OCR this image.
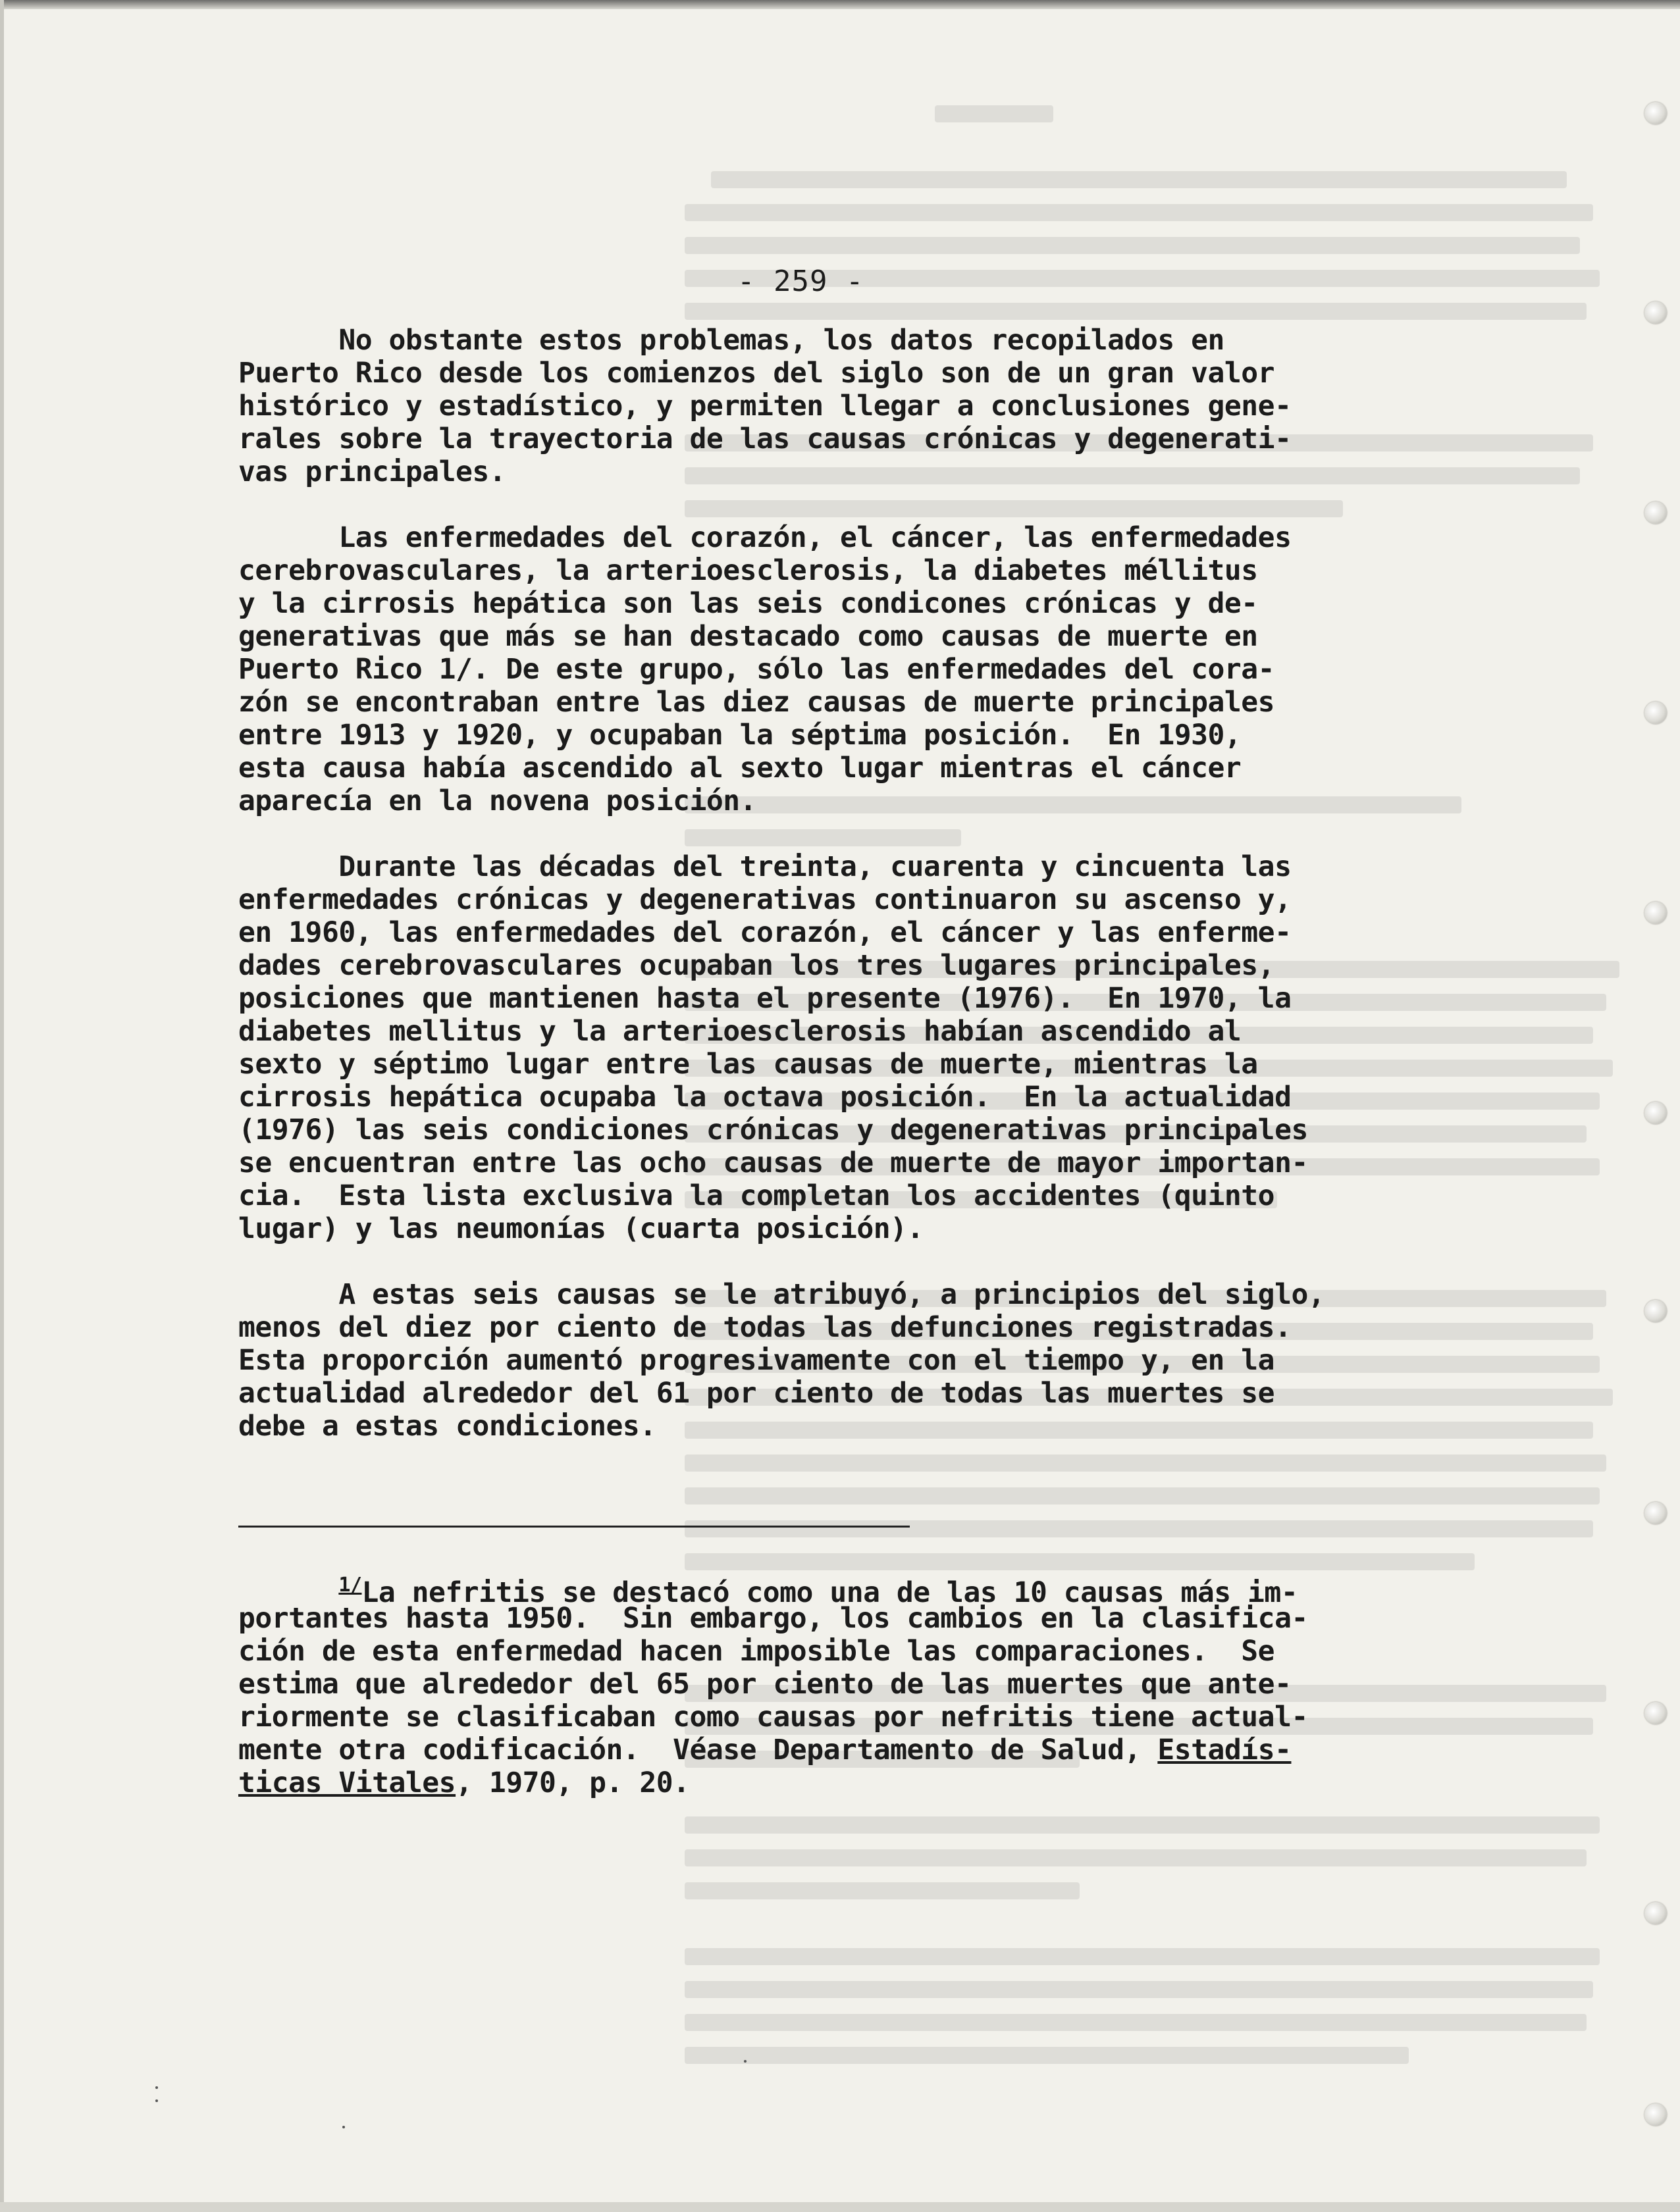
- 259 -
No obstante estos problemas, los datos recopilados en
Puerto Rico desde los comienzos del siglo son de un gran valor
histórico y estadístico, y permiten llegar a conclusiones gene-
rales sobre la trayectoria de las causas crónicas y degenerati-
vas principales.
Las enfermedades del corazón, el cáncer, las enfermedades
cerebrovasculares, la arterioesclerosis, la diabetes méllitus
y la cirrosis hepática son las seis condicones crónicas y de-
generativas que más se han destacado como causas de muerte en
Puerto Rico 1/. De este grupo, sólo las enfermedades del cora-
zón se encontraban entre las diez causas de muerte principales
entre 1913 y 1920, y ocupaban la séptima posición.  En 1930,
esta causa había ascendido al sexto lugar mientras el cáncer
aparecía en la novena posición.
Durante las décadas del treinta, cuarenta y cincuenta las
enfermedades crónicas y degenerativas continuaron su ascenso y,
en 1960, las enfermedades del corazón, el cáncer y las enferme-
dades cerebrovasculares ocupaban los tres lugares principales,
posiciones que mantienen hasta el presente (1976).  En 1970, la
diabetes mellitus y la arterioesclerosis habían ascendido al
sexto y séptimo lugar entre las causas de muerte, mientras la
cirrosis hepática ocupaba la octava posición.  En la actualidad
(1976) las seis condiciones crónicas y degenerativas principales
se encuentran entre las ocho causas de muerte de mayor importan-
cia.  Esta lista exclusiva la completan los accidentes (quinto
lugar) y las neumonías (cuarta posición).
A estas seis causas se le atribuyó, a principios del siglo,
menos del diez por ciento de todas las defunciones registradas.
Esta proporción aumentó progresivamente con el tiempo y, en la
actualidad alrededor del 61 por ciento de todas las muertes se
debe a estas condiciones.
$^{1/}$La nefritis se destacó como una de las 10 causas más im-
portantes hasta 1950.  Sin embargo, los cambios en la clasifica-
ción de esta enfermedad hacen imposible las comparaciones.  Se
estima que alrededor del 65 por ciento de las muertes que ante-
riormente se clasificaban como causas por nefritis tiene actual-
mente otra codificación.  Véase Departamento de Salud, Estadís-
ticas Vitales, 1970, p. 20.
